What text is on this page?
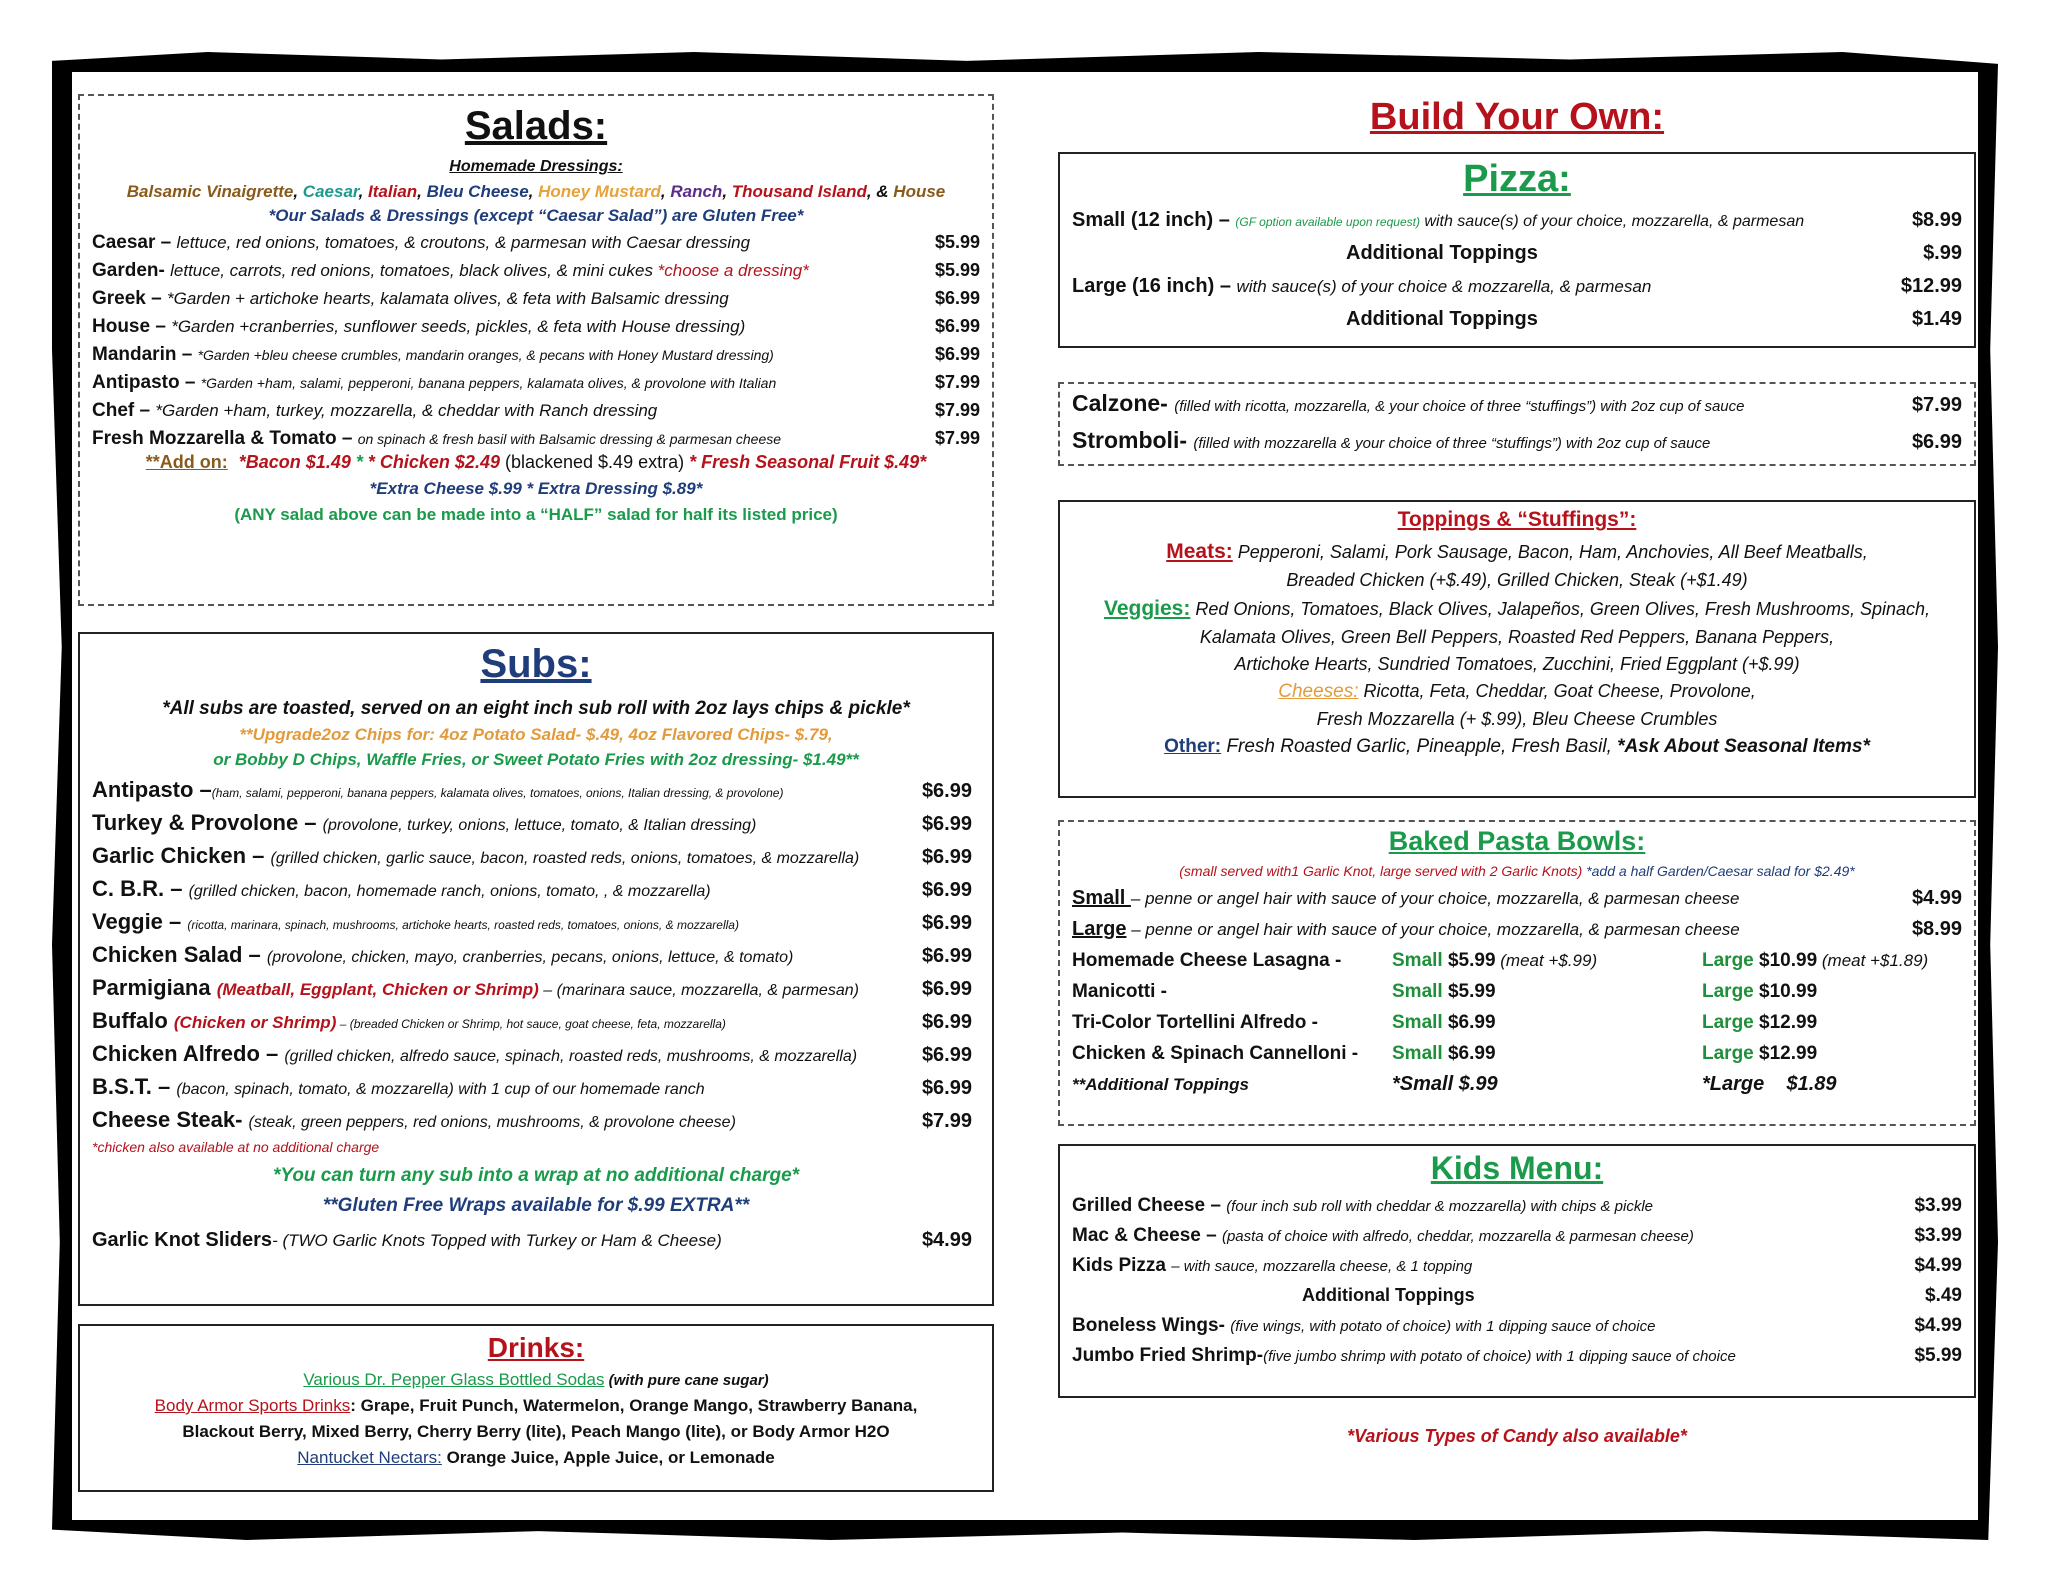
Salads:
Homemade Dressings:
Balsamic Vinaigrette, Caesar, Italian, Bleu Cheese, Honey Mustard, Ranch, Thousand Island, & House
*Our Salads & Dressings (except “Caesar Salad”) are Gluten Free*
Caesar – lettuce, red onions, tomatoes, & croutons, & parmesan with Caesar dressing	$5.99
Garden- lettuce, carrots, red onions, tomatoes, black olives, & mini cukes *choose a dressing*	$5.99
Greek – *Garden + artichoke hearts, kalamata olives, & feta with Balsamic dressing	$6.99
House – *Garden +cranberries, sunflower seeds, pickles, & feta with House dressing)	$6.99
Mandarin – *Garden +bleu cheese crumbles, mandarin oranges, & pecans with Honey Mustard dressing)	$6.99
Antipasto – *Garden +ham, salami, pepperoni, banana peppers, kalamata olives, & provolone with Italian	$7.99
Chef – *Garden +ham, turkey, mozzarella, & cheddar with Ranch dressing	$7.99
Fresh Mozzarella & Tomato – on spinach & fresh basil with Balsamic dressing & parmesan cheese	$7.99
**Add on: *Bacon $1.49 * * Chicken $2.49 (blackened $.49 extra) * Fresh Seasonal Fruit $.49*
*Extra Cheese $.99 * Extra Dressing $.89*
(ANY salad above can be made into a “HALF” salad for half its listed price)
Subs:
*All subs are toasted, served on an eight inch sub roll with 2oz lays chips & pickle*
**Upgrade2oz Chips for: 4oz Potato Salad- $.49, 4oz Flavored Chips- $.79,
or Bobby D Chips, Waffle Fries, or Sweet Potato Fries with 2oz dressing- $1.49**
Antipasto –(ham, salami, pepperoni, banana peppers, kalamata olives, tomatoes, onions, Italian dressing, & provolone)	$6.99
Turkey & Provolone – (provolone, turkey, onions, lettuce, tomato, & Italian dressing)	$6.99
Garlic Chicken – (grilled chicken, garlic sauce, bacon, roasted reds, onions, tomatoes, & mozzarella)	$6.99
C. B.R. – (grilled chicken, bacon, homemade ranch, onions, tomato, , & mozzarella)	$6.99
Veggie – (ricotta, marinara, spinach, mushrooms, artichoke hearts, roasted reds, tomatoes, onions, & mozzarella)	$6.99
Chicken Salad – (provolone, chicken, mayo, cranberries, pecans, onions, lettuce, & tomato)	$6.99
Parmigiana (Meatball, Eggplant, Chicken or Shrimp) – (marinara sauce, mozzarella, & parmesan)	$6.99
Buffalo (Chicken or Shrimp) – (breaded Chicken or Shrimp, hot sauce, goat cheese, feta, mozzarella)	$6.99
Chicken Alfredo – (grilled chicken, alfredo sauce, spinach, roasted reds, mushrooms, & mozzarella)	$6.99
B.S.T. – (bacon, spinach, tomato, & mozzarella) with 1 cup of our homemade ranch	$6.99
Cheese Steak- (steak, green peppers, red onions, mushrooms, & provolone cheese)	$7.99
*chicken also available at no additional charge
*You can turn any sub into a wrap at no additional charge*
**Gluten Free Wraps available for $.99 EXTRA**
Garlic Knot Sliders- (TWO Garlic Knots Topped with Turkey or Ham & Cheese)	$4.99
Drinks:
Various Dr. Pepper Glass Bottled Sodas (with pure cane sugar)
Body Armor Sports Drinks: Grape, Fruit Punch, Watermelon, Orange Mango, Strawberry Banana,
Blackout Berry, Mixed Berry, Cherry Berry (lite), Peach Mango (lite), or Body Armor H2O
Nantucket Nectars: Orange Juice, Apple Juice, or Lemonade
Build Your Own:
Pizza:
Small (12 inch) – (GF option available upon request) with sauce(s) of your choice, mozzarella, & parmesan	$8.99
Additional Toppings	$.99
Large (16 inch) – with sauce(s) of your choice & mozzarella, & parmesan	$12.99
Additional Toppings	$1.49
Calzone- (filled with ricotta, mozzarella, & your choice of three “stuffings”) with 2oz cup of sauce	$7.99
Stromboli- (filled with mozzarella & your choice of three “stuffings”) with 2oz cup of sauce	$6.99
Toppings & “Stuffings”:
Meats: Pepperoni, Salami, Pork Sausage, Bacon, Ham, Anchovies, All Beef Meatballs,
Breaded Chicken (+$.49), Grilled Chicken, Steak (+$1.49)
Veggies: Red Onions, Tomatoes, Black Olives, Jalapeños, Green Olives, Fresh Mushrooms, Spinach,
Kalamata Olives, Green Bell Peppers, Roasted Red Peppers, Banana Peppers,
Artichoke Hearts, Sundried Tomatoes, Zucchini, Fried Eggplant (+$.99)
Cheeses: Ricotta, Feta, Cheddar, Goat Cheese, Provolone,
Fresh Mozzarella (+ $.99), Bleu Cheese Crumbles
Other: Fresh Roasted Garlic, Pineapple, Fresh Basil, *Ask About Seasonal Items*
Baked Pasta Bowls:
(small served with1 Garlic Knot, large served with 2 Garlic Knots) *add a half Garden/Caesar salad for $2.49*
Small – penne or angel hair with sauce of your choice, mozzarella, & parmesan cheese	$4.99
Large – penne or angel hair with sauce of your choice, mozzarella, & parmesan cheese	$8.99
Homemade Cheese Lasagna -	Small $5.99 (meat +$.99)	Large $10.99 (meat +$1.89)
Manicotti -	Small $5.99	Large $10.99
Tri-Color Tortellini Alfredo -	Small $6.99	Large $12.99
Chicken & Spinach Cannelloni -	Small $6.99	Large $12.99
**Additional Toppings	*Small $.99	*Large    $1.89
Kids Menu:
Grilled Cheese – (four inch sub roll with cheddar & mozzarella) with chips & pickle	$3.99
Mac & Cheese – (pasta of choice with alfredo, cheddar, mozzarella & parmesan cheese)	$3.99
Kids Pizza – with sauce, mozzarella cheese, & 1 topping	$4.99
Additional Toppings	$.49
Boneless Wings- (five wings, with potato of choice) with 1 dipping sauce of choice	$4.99
Jumbo Fried Shrimp-(five jumbo shrimp with potato of choice) with 1 dipping sauce of choice	$5.99
*Various Types of Candy also available*
